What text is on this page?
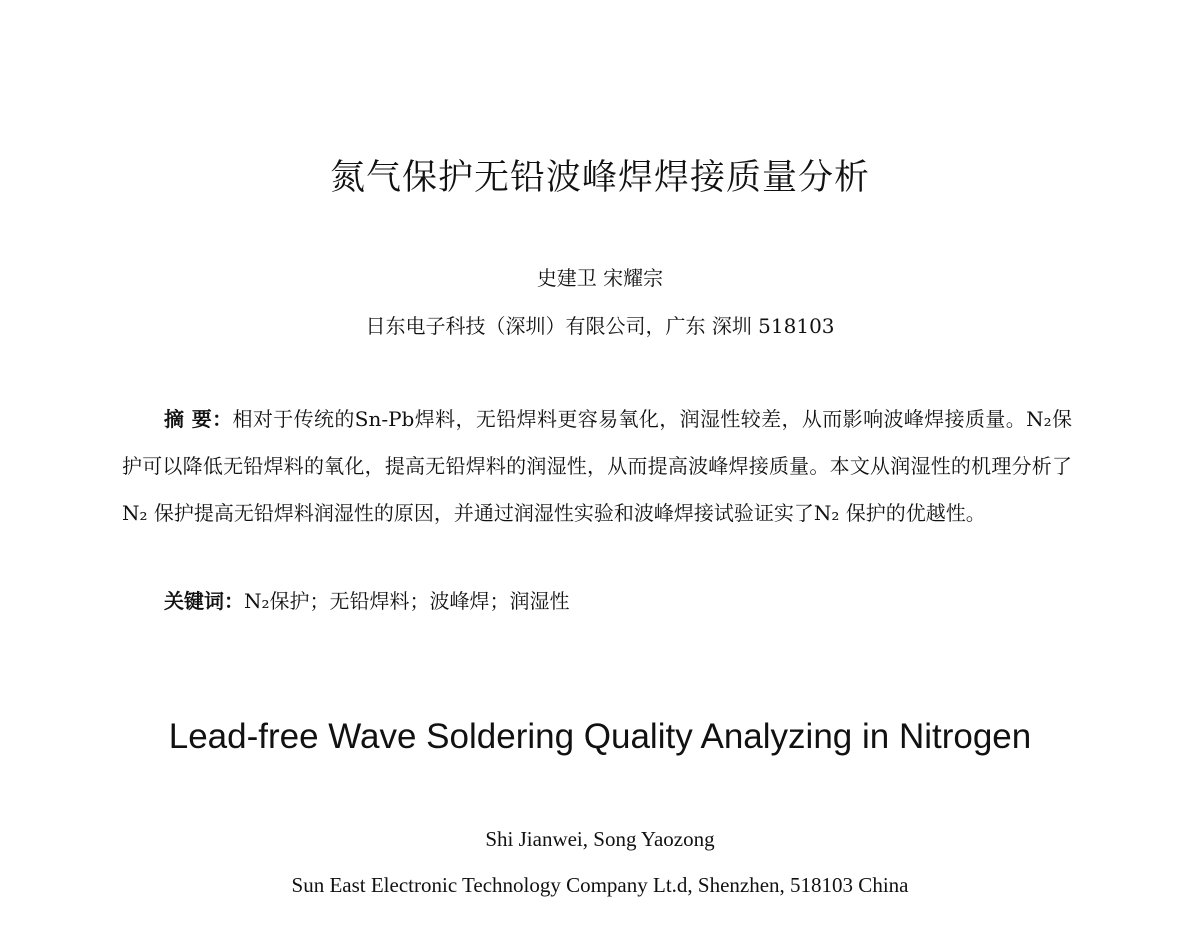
氮气保护无铅波峰焊焊接质量分析
史建卫 宋耀宗
日东电子科技（深圳）有限公司，广东 深圳 518103
摘 要：相对于传统的Sn-Pb焊料，无铅焊料更容易氧化，润湿性较差，从而影响波峰焊接质量。N₂保护可以降低无铅焊料的氧化，提高无铅焊料的润湿性，从而提高波峰焊接质量。本文从润湿性的机理分析了N₂ 保护提高无铅焊料润湿性的原因，并通过润湿性实验和波峰焊接试验证实了N₂ 保护的优越性。
关键词：N₂保护；无铅焊料；波峰焊；润湿性
Lead-free Wave Soldering Quality Analyzing in Nitrogen
Shi Jianwei, Song Yaozong
Sun East Electronic Technology Company Lt.d, Shenzhen, 518103 China
